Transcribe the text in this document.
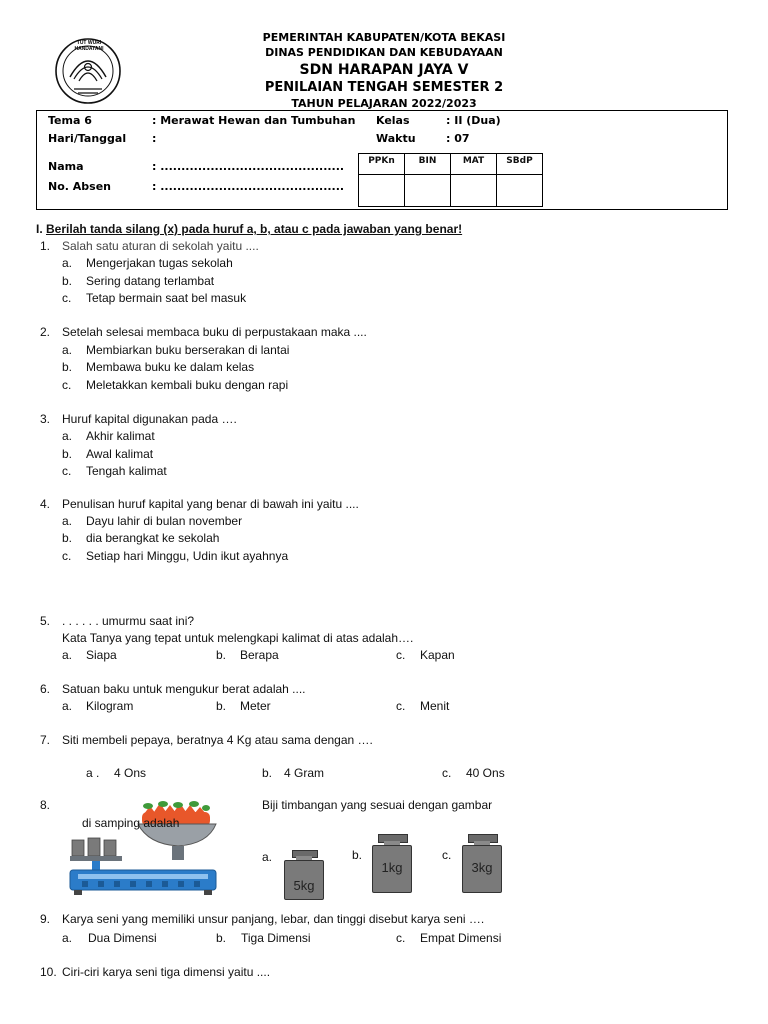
TUT WURI HANDAYANI
PEMERINTAH KABUPATEN/KOTA BEKASI
DINAS PENDIDIKAN DAN KEBUDAYAAN
SDN HARAPAN JAYA V
PENILAIAN TENGAH SEMESTER 2
TAHUN PELAJARAN 2022/2023
Tema 6	: Merawat Hewan dan Tumbuhan
Hari/Tanggal :
Kelas	: II (Dua)
Waktu	: 07
Nama	: ............................................
No. Absen	: ............................................
PPKn	BIN	MAT	SBdP

I. Berilah tanda silang (x) pada huruf a, b, atau c pada jawaban yang benar!
1. Salah satu aturan di sekolah yaitu ....
a. Mengerjakan tugas sekolah
b. Sering datang terlambat
c. Tetap bermain saat bel masuk
2. Setelah selesai membaca buku di perpustakaan maka ....
a. Membiarkan buku berserakan di lantai
b. Membawa buku ke dalam kelas
c. Meletakkan kembali buku dengan rapi
3. Huruf kapital digunakan pada ….
a. Akhir kalimat
b. Awal kalimat
c. Tengah kalimat
4. Penulisan huruf kapital yang benar di bawah ini yaitu ....
a. Dayu lahir di bulan november
b. dia berangkat ke sekolah
c. Setiap hari Minggu, Udin ikut ayahnya
5. . . . . . . umurmu saat ini?
Kata Tanya yang tepat untuk melengkapi kalimat di atas adalah….
a. Siapa	b. Berapa	c. Kapan
6. Satuan baku untuk mengukur berat adalah ....
a. Kilogram	b. Meter	c. Menit
7. Siti membeli pepaya, beratnya 4 Kg atau sama dengan ….
a . 4 Ons	b. 4 Gram	c. 40 Ons
8.	Biji timbangan yang sesuai dengan gambar
di samping adalah
a.
5kg
b.
1kg
c.
3kg
9. Karya seni yang memiliki unsur panjang, lebar, dan tinggi disebut karya seni ….
a. Dua Dimensi	b. Tiga Dimensi	c. Empat Dimensi
10. Ciri-ciri karya seni tiga dimensi yaitu ....
